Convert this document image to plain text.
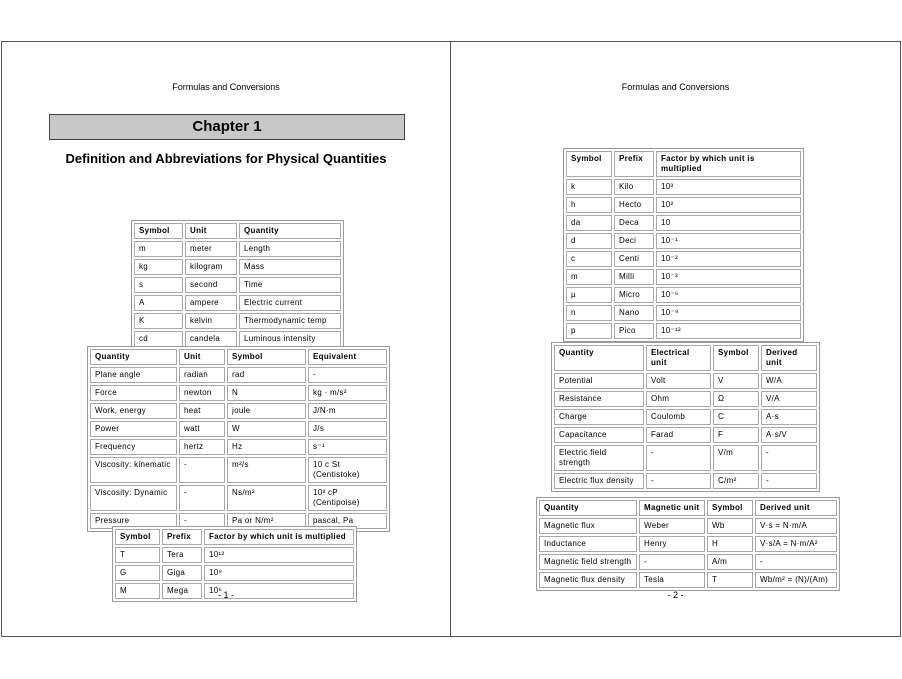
Formulas and Conversions
Chapter 1
Definition and Abbreviations for Physical Quantities
Symbol	Unit	Quantity
m	meter	Length
kg	kilogram	Mass
s	second	Time
A	ampere	Electric current
K	kelvin	Thermodynamic temp
cd	candela	Luminous intensity
Quantity	Unit	Symbol	Equivalent
Plane angle	radian	rad	-
Force	newton	N	kg · m/s²
Work, energy	heat	joule	J/N·m
Power	watt	W	J/s
Frequency	hertz	Hz	s⁻¹
Viscosity: kinematic	-	m²/s	10 c St (Centistoke)
Viscosity: Dynamic	-	Ns/m²	10³ cP (Centipoise)
Pressure	-	Pa or N/m²	pascal, Pa
Symbol	Prefix	Factor by which unit is multiplied
T	Tera	10¹²
G	Giga	10⁹
M	Mega	10⁶
- 1 -
Formulas and Conversions
Symbol	Prefix	Factor by which unit is multiplied
k	Kilo	10³
h	Hecto	10²
da	Deca	10
d	Deci	10⁻¹
c	Centi	10⁻²
m	Milli	10⁻³
µ	Micro	10⁻⁶
n	Nano	10⁻⁹
p	Pico	10⁻¹²
Quantity	Electrical unit	Symbol	Derived unit
Potential	Volt	V	W/A
Resistance	Ohm	Ω	V/A
Charge	Coulomb	C	A·s
Capacitance	Farad	F	A·s/V
Electric field strength	-	V/m	-
Electric flux density	-	C/m²	-
Quantity	Magnetic unit	Symbol	Derived unit
Magnetic flux	Weber	Wb	V·s = N·m/A
Inductance	Henry	H	V·s/A = N·m/A²
Magnetic field strength	-	A/m	-
Magnetic flux density	Tesla	T	Wb/m² = (N)/(Am)
- 2 -
